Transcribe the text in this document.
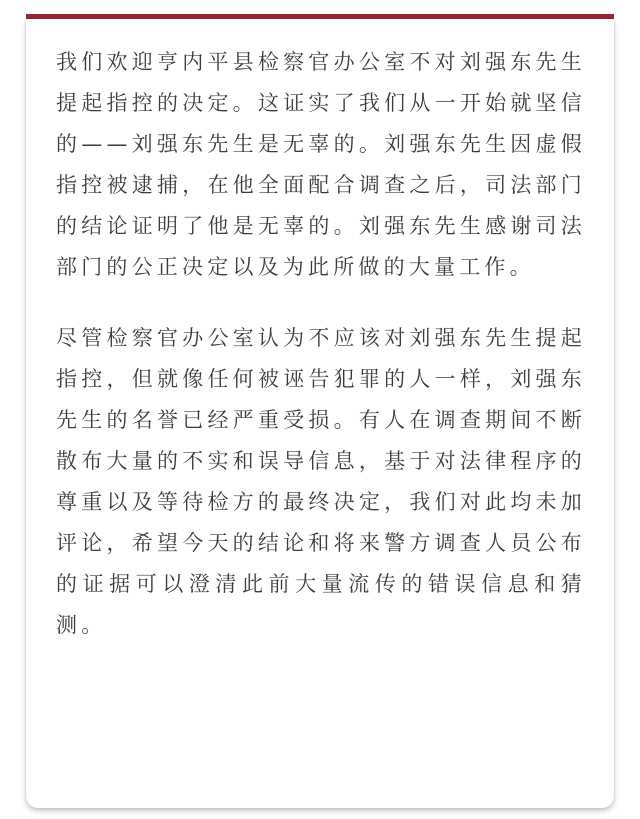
我们欢迎亨内平县检察官办公室不对刘强东先生提起指控的决定。这证实了我们从一开始就坚信的——刘强东先生是无辜的。刘强东先生因虚假指控被逮捕，在他全面配合调查之后，司法部门的结论证明了他是无辜的。刘强东先生感谢司法部门的公正决定以及为此所做的大量工作。

尽管检察官办公室认为不应该对刘强东先生提起指控，但就像任何被诬告犯罪的人一样，刘强东先生的名誉已经严重受损。有人在调查期间不断散布大量的不实和误导信息，基于对法律程序的尊重以及等待检方的最终决定，我们对此均未加评论，希望今天的结论和将来警方调查人员公布的证据可以澄清此前大量流传的错误信息和猜测。
